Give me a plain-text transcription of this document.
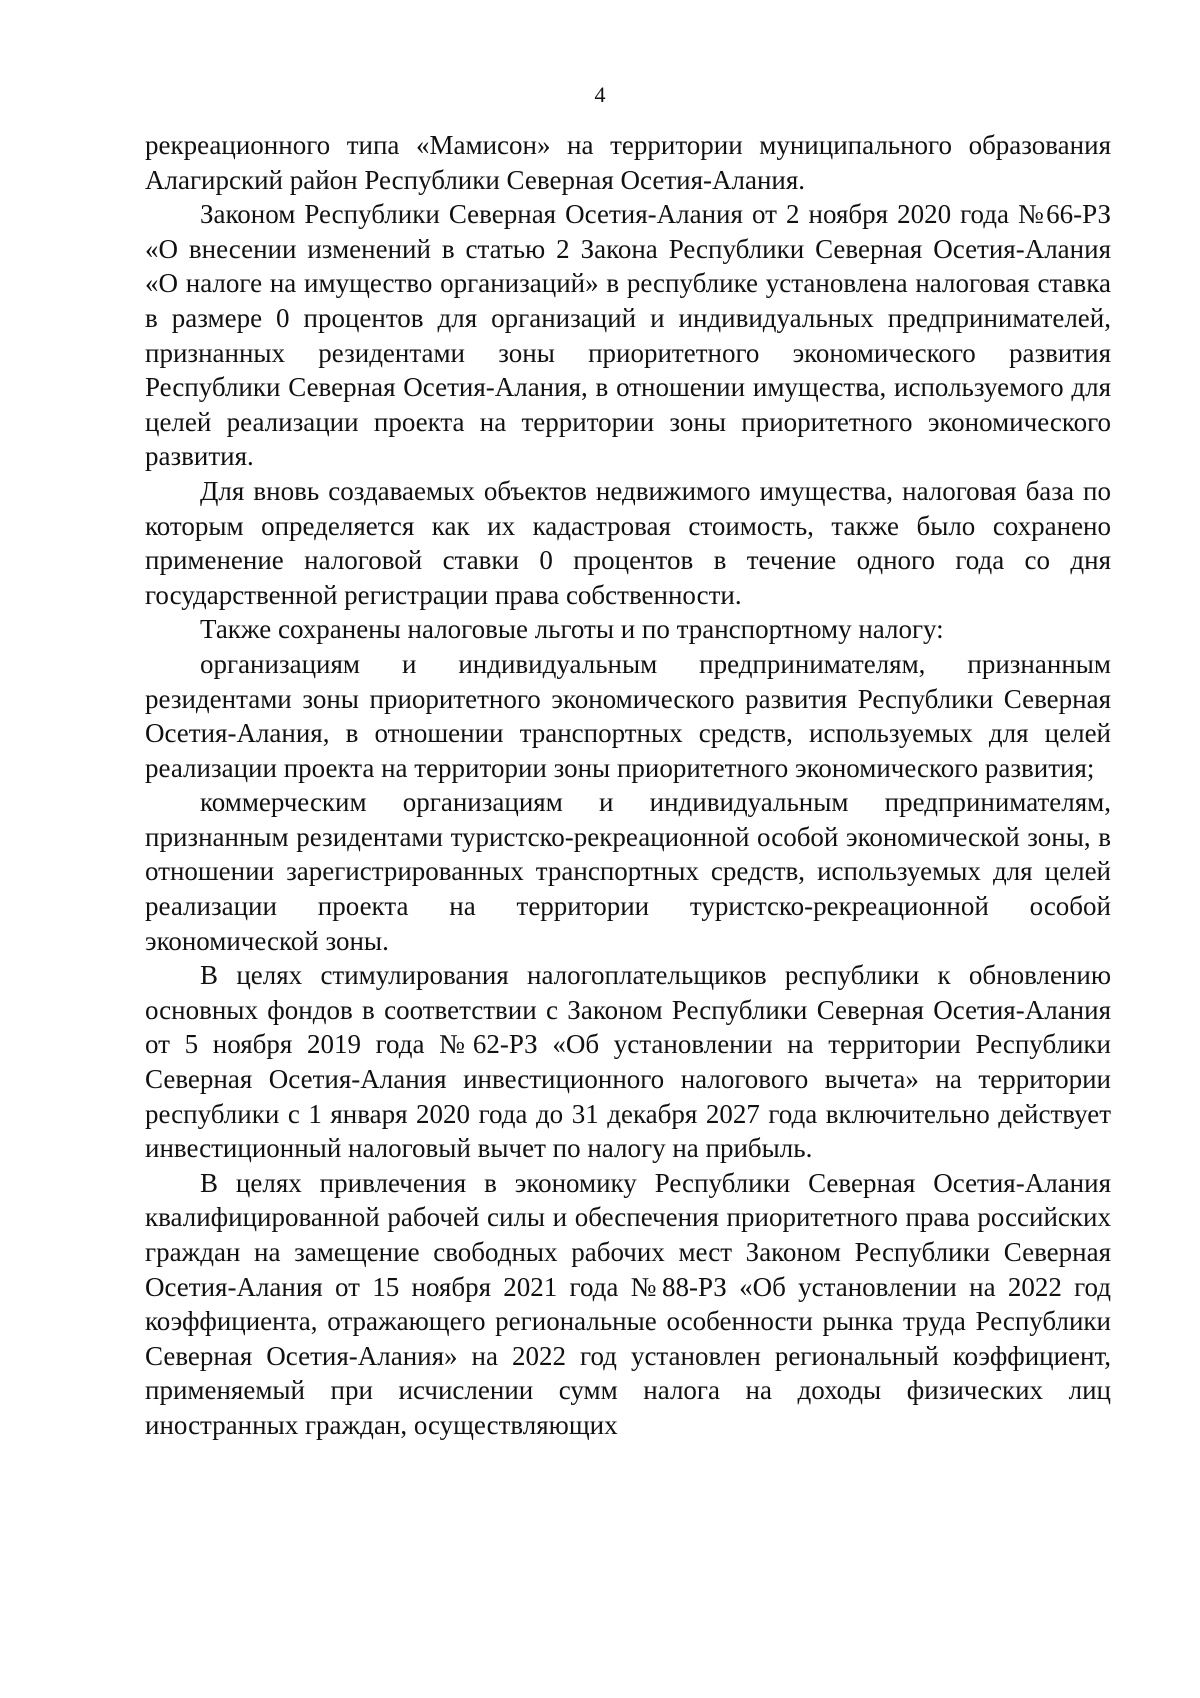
4

рекреационного типа «Мамисон» на территории муниципального образования Алагирский район Республики Северная Осетия-Алания.

Законом Республики Северная Осетия-Алания от 2 ноября 2020 года №66-РЗ «О внесении изменений в статью 2 Закона Республики Северная Осетия-Алания «О налоге на имущество организаций» в республике установлена налоговая ставка в размере 0 процентов для организаций и индивидуальных предпринимателей, признанных резидентами зоны приоритетного экономического развития Республики Северная Осетия-Алания, в отношении имущества, используемого для целей реализации проекта на территории зоны приоритетного экономического развития.

Для вновь создаваемых объектов недвижимого имущества, налоговая база по которым определяется как их кадастровая стоимость, также было сохранено применение налоговой ставки 0 процентов в течение одного года со дня государственной регистрации права собственности.

Также сохранены налоговые льготы и по транспортному налогу:

организациям и индивидуальным предпринимателям, признанным резидентами зоны приоритетного экономического развития Республики Северная Осетия-Алания, в отношении транспортных средств, используемых для целей реализации проекта на территории зоны приоритетного экономического развития;

коммерческим организациям и индивидуальным предпринимателям, признанным резидентами туристско-рекреационной особой экономической зоны, в отношении зарегистрированных транспортных средств, используемых для целей реализации проекта на территории туристско-рекреационной особой экономической зоны.

В целях стимулирования налогоплательщиков республики к обновлению основных фондов в соответствии с Законом Республики Северная Осетия-Алания от 5 ноября 2019 года №62-РЗ «Об установлении на территории Республики Северная Осетия-Алания инвестиционного налогового вычета» на территории республики с 1 января 2020 года до 31 декабря 2027 года включительно действует инвестиционный налоговый вычет по налогу на прибыль.

В целях привлечения в экономику Республики Северная Осетия-Алания квалифицированной рабочей силы и обеспечения приоритетного права российских граждан на замещение свободных рабочих мест Законом Республики Северная Осетия-Алания от 15 ноября 2021 года №88-РЗ «Об установлении на 2022 год коэффициента, отражающего региональные особенности рынка труда Республики Северная Осетия-Алания» на 2022 год установлен региональный коэффициент, применяемый при исчислении сумм налога на доходы физических лиц иностранных граждан, осуществляющих
